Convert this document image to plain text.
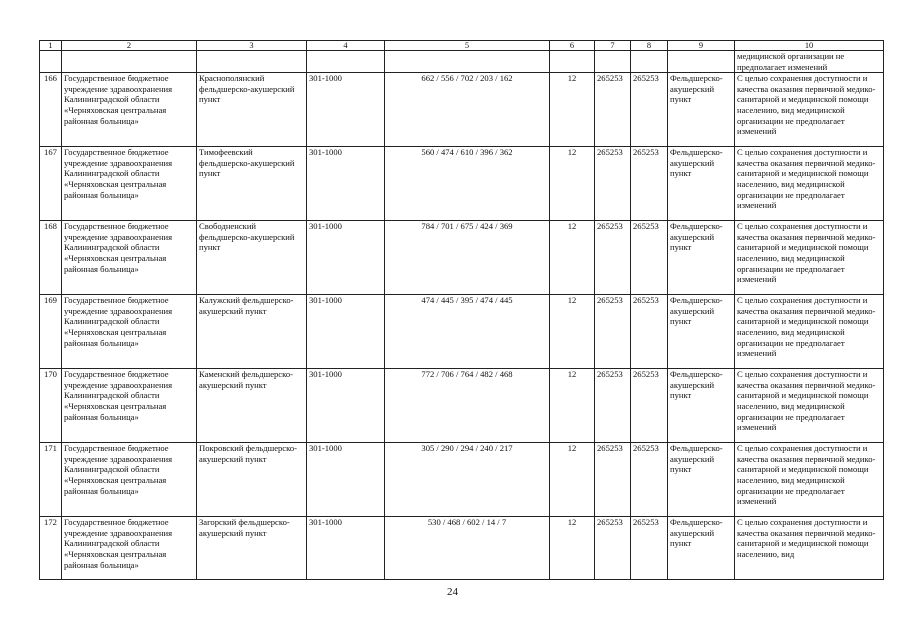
1	2	3	4	5	6	7	8	9	10
									медицинской организации не предполагает изменений
166	Государственное бюджетное учреждение здравоохранения Калининградской области «Черняховская центральная районная больница»	Краснополянский фельдшерско-акушерский пункт	301-1000	662 / 556 / 702 / 203 / 162	12	265253	265253	Фельдшерско-акушерский пункт	С целью сохранения доступности и качества оказания первичной медико-санитарной и медицинской помощи населению, вид медицинской организации не предполагает изменений
167	Государственное бюджетное учреждение здравоохранения Калининградской области «Черняховская центральная районная больница»	Тимофеевский фельдшерско-акушерский пункт	301-1000	560 / 474 / 610 / 396 / 362	12	265253	265253	Фельдшерско-акушерский пункт	С целью сохранения доступности и качества оказания первичной медико-санитарной и медицинской помощи населению, вид медицинской организации не предполагает изменений
168	Государственное бюджетное учреждение здравоохранения Калининградской области «Черняховская центральная районная больница»	Свободненский фельдшерско-акушерский пункт	301-1000	784 / 701 / 675 / 424 / 369	12	265253	265253	Фельдшерско-акушерский пункт	С целью сохранения доступности и качества оказания первичной медико-санитарной и медицинской помощи населению, вид медицинской организации не предполагает изменений
169	Государственное бюджетное учреждение здравоохранения Калининградской области «Черняховская центральная районная больница»	Калужский фельдшерско-акушерский пункт	301-1000	474 / 445 / 395 / 474 / 445	12	265253	265253	Фельдшерско-акушерский пункт	С целью сохранения доступности и качества оказания первичной медико-санитарной и медицинской помощи населению, вид медицинской организации не предполагает изменений
170	Государственное бюджетное учреждение здравоохранения Калининградской области «Черняховская центральная районная больница»	Каменский фельдшерско-акушерский пункт	301-1000	772 / 706 / 764 / 482 / 468	12	265253	265253	Фельдшерско-акушерский пункт	С целью сохранения доступности и качества оказания первичной медико-санитарной и медицинской помощи населению, вид медицинской организации не предполагает изменений
171	Государственное бюджетное учреждение здравоохранения Калининградской области «Черняховская центральная районная больница»	Покровский фельдшерско-акушерский пункт	301-1000	305 / 290 / 294 / 240 / 217	12	265253	265253	Фельдшерско-акушерский пункт	С целью сохранения доступности и качества оказания первичной медико-санитарной и медицинской помощи населению, вид медицинской организации не предполагает изменений
172	Государственное бюджетное учреждение здравоохранения Калининградской области «Черняховская центральная районная больница»	Загорский фельдшерско-акушерский пункт	301-1000	530 / 468 / 602 / 14 / 7	12	265253	265253	Фельдшерско-акушерский пункт	С целью сохранения доступности и качества оказания первичной медико-санитарной и медицинской помощи населению, вид
24
